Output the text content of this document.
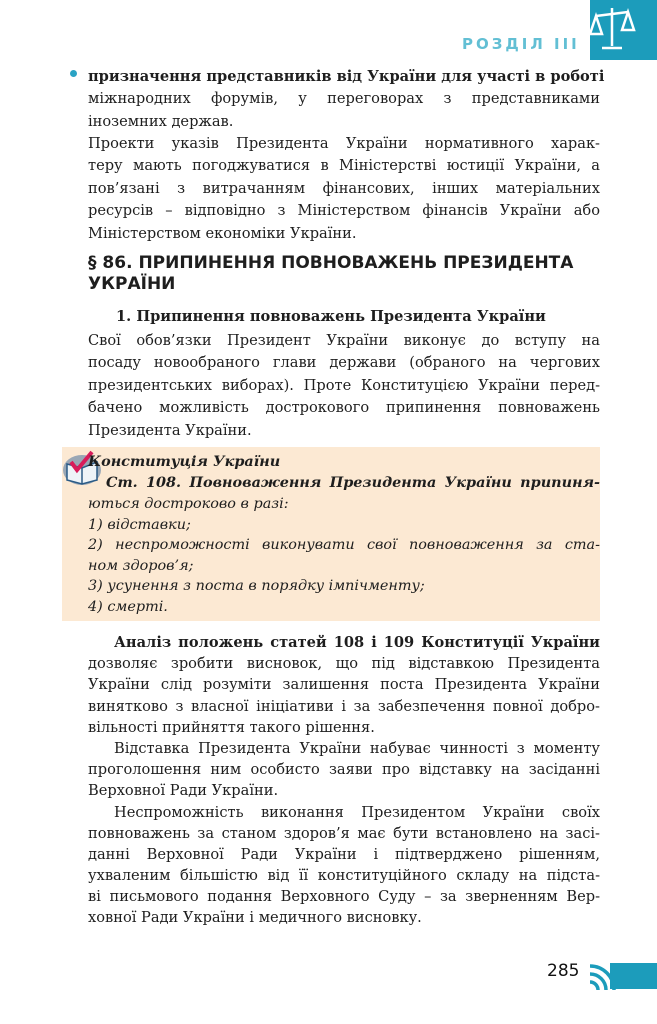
РОЗДІЛ III
призначення представників від України для участі в роботі
міжнародних форумів, у переговорах з представниками
іноземних держав.
Проекти указів Президента України нормативного харак-
теру мають погоджуватися в Міністерстві юстиції України, а
пов’язані з витрачанням фінансових, інших матеріальних
ресурсів – відповідно з Міністерством фінансів України або
Міністерством економіки України.
§ 86. ПРИПИНЕННЯ ПОВНОВАЖЕНЬ ПРЕЗИДЕНТА
УКРАЇНИ
1. Припинення повноважень Президента України
Свої обов’язки Президент України виконує до вступу на
посаду новообраного глави держави (обраного на чергових
президентських виборах). Проте Конституцією України перед-
бачено можливість дострокового припинення повноважень
Президента України.
Конституція України
Ст. 108. Повноваження Президента України припиня-
ються достроково в разі:
1) відставки;
2) неспроможності виконувати свої повноваження за ста-
ном здоров’я;
3) усунення з поста в порядку імпічменту;
4) смерті.
Аналіз положень статей 108 і 109 Конституції України
дозволяє зробити висновок, що під відставкою Президента
України слід розуміти залишення поста Президента України
винятково з власної ініціативи і за забезпечення повної добро-
вільності прийняття такого рішення.
Відставка Президента України набуває чинності з моменту
проголошення ним особисто заяви про відставку на засіданні
Верховної Ради України.
Неспроможність виконання Президентом України своїх
повноважень за станом здоров’я має бути встановлено на засі-
данні Верховної Ради України і підтверджено рішенням,
ухваленим більшістю від її конституційного складу на підста-
ві письмового подання Верховного Суду – за зверненням Вер-
ховної Ради України і медичного висновку.
285
